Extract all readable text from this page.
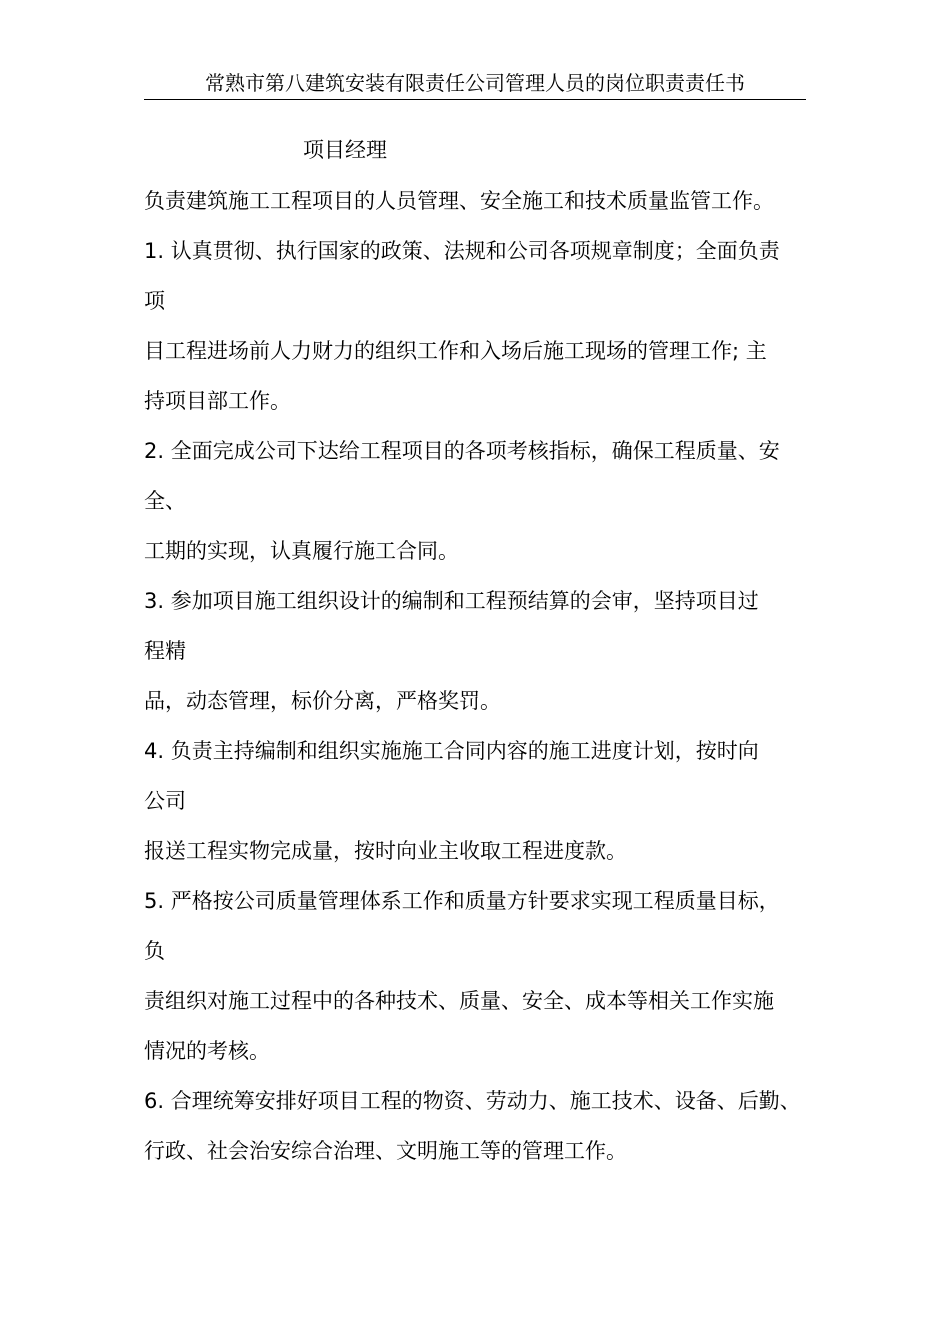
常熟市第八建筑安装有限责任公司管理人员的岗位职责责任书
项目经理
负责建筑施工工程项目的人员管理、安全施工和技术质量监管工作。
1. 认真贯彻、执行国家的政策、法规和公司各项规章制度；全面负责
项
目工程进场前人力财力的组织工作和入场后施工现场的管理工作; 主
持项目部工作。
2. 全面完成公司下达给工程项目的各项考核指标，确保工程质量、安
全、
工期的实现，认真履行施工合同。
3. 参加项目施工组织设计的编制和工程预结算的会审，坚持项目过
程精
品，动态管理，标价分离，严格奖罚。
4. 负责主持编制和组织实施施工合同内容的施工进度计划，按时向
公司
报送工程实物完成量，按时向业主收取工程进度款。
5. 严格按公司质量管理体系工作和质量方针要求实现工程质量目标，
负
责组织对施工过程中的各种技术、质量、安全、成本等相关工作实施
情况的考核。
6. 合理统筹安排好项目工程的物资、劳动力、施工技术、设备、后勤、
行政、社会治安综合治理、文明施工等的管理工作。
